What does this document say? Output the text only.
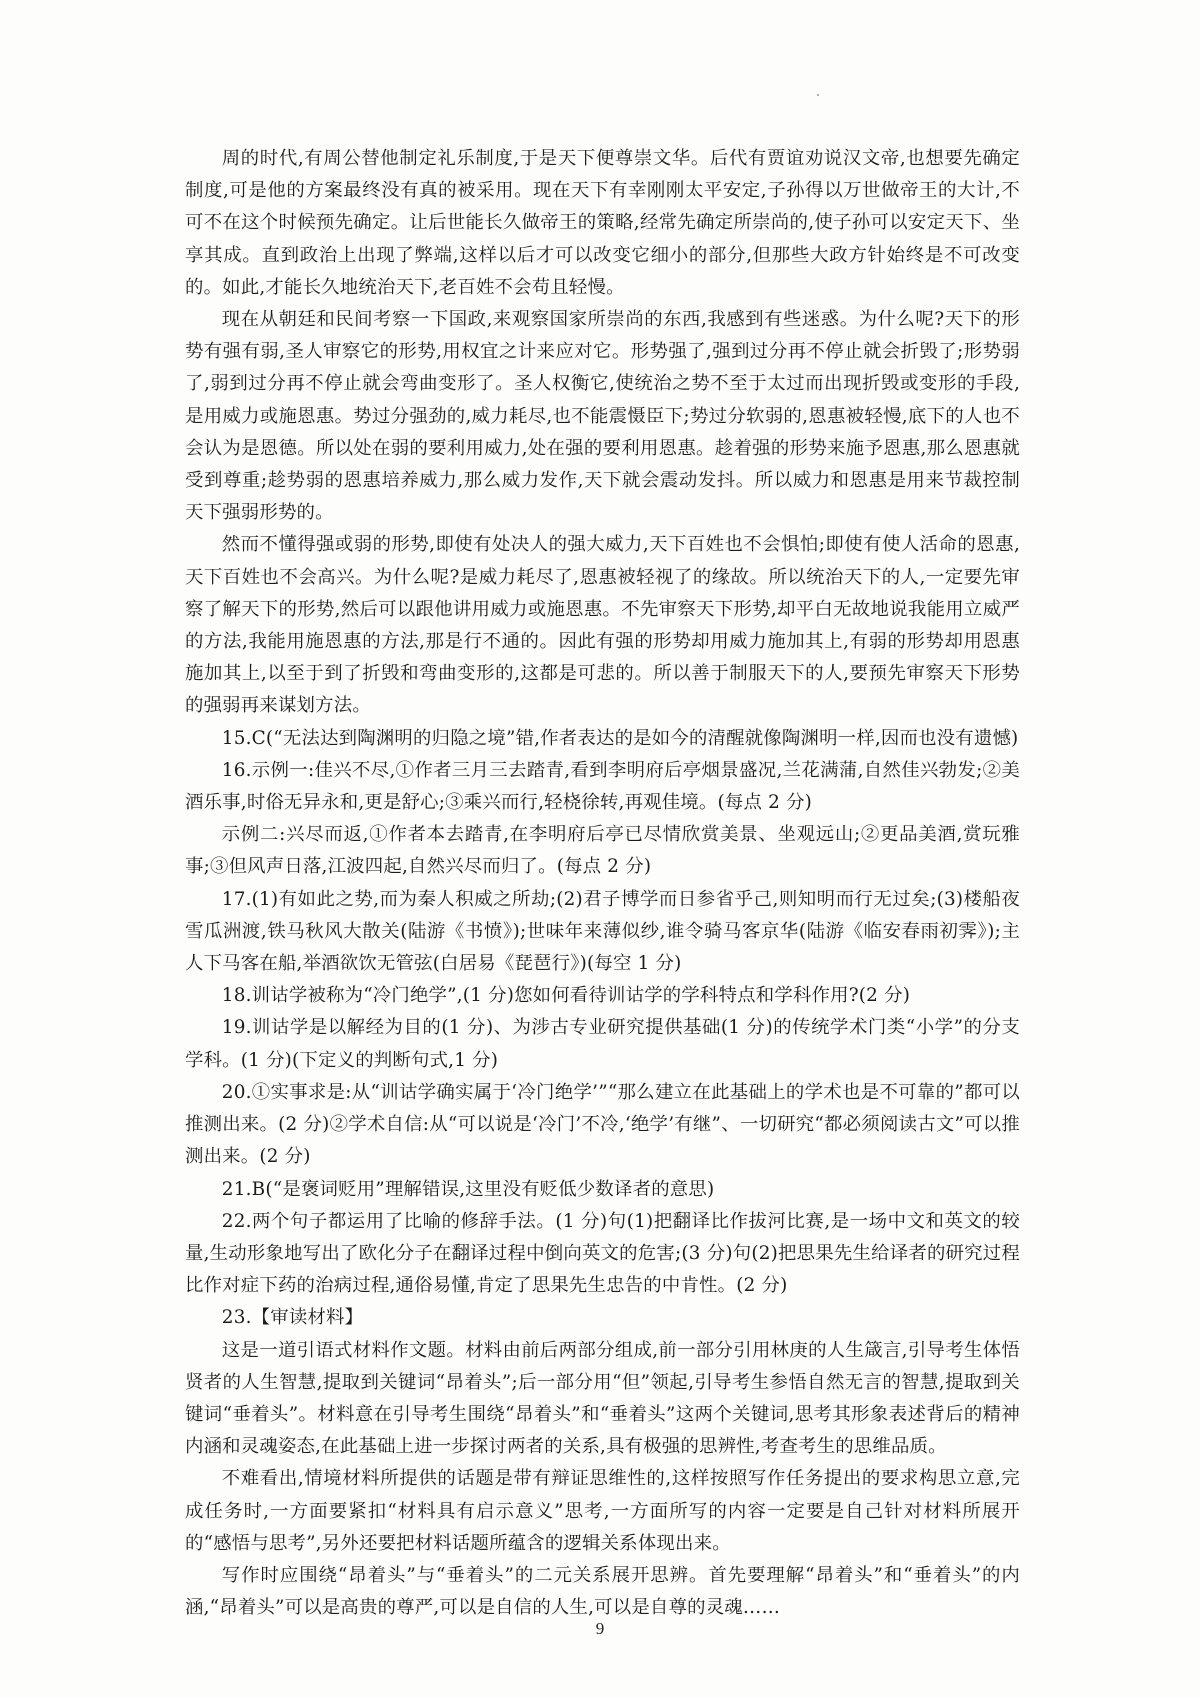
周的时代,有周公替他制定礼乐制度,于是天下便尊崇文华。后代有贾谊劝说汉文帝,也想要先确定制度,可是他的方案最终没有真的被采用。现在天下有幸刚刚太平安定,子孙得以万世做帝王的大计,不可不在这个时候预先确定。让后世能长久做帝王的策略,经常先确定所崇尚的,使子孙可以安定天下、坐享其成。直到政治上出现了弊端,这样以后才可以改变它细小的部分,但那些大政方针始终是不可改变的。如此,才能长久地统治天下,老百姓不会苟且轻慢。

现在从朝廷和民间考察一下国政,来观察国家所崇尚的东西,我感到有些迷惑。为什么呢?天下的形势有强有弱,圣人审察它的形势,用权宜之计来应对它。形势强了,强到过分再不停止就会折毁了;形势弱了,弱到过分再不停止就会弯曲变形了。圣人权衡它,使统治之势不至于太过而出现折毁或变形的手段,是用威力或施恩惠。势过分强劲的,威力耗尽,也不能震慑臣下;势过分软弱的,恩惠被轻慢,底下的人也不会认为是恩德。所以处在弱的要利用威力,处在强的要利用恩惠。趁着强的形势来施予恩惠,那么恩惠就受到尊重;趁势弱的恩惠培养威力,那么威力发作,天下就会震动发抖。所以威力和恩惠是用来节裁控制天下强弱形势的。

然而不懂得强或弱的形势,即使有处决人的强大威力,天下百姓也不会惧怕;即使有使人活命的恩惠,天下百姓也不会高兴。为什么呢?是威力耗尽了,恩惠被轻视了的缘故。所以统治天下的人,一定要先审察了解天下的形势,然后可以跟他讲用威力或施恩惠。不先审察天下形势,却平白无故地说我能用立威严的方法,我能用施恩惠的方法,那是行不通的。因此有强的形势却用威力施加其上,有弱的形势却用恩惠施加其上,以至于到了折毁和弯曲变形的,这都是可悲的。所以善于制服天下的人,要预先审察天下形势的强弱再来谋划方法。

15.C(“无法达到陶渊明的归隐之境”错,作者表达的是如今的清醒就像陶渊明一样,因而也没有遗憾)

16.示例一:佳兴不尽,①作者三月三去踏青,看到李明府后亭烟景盛况,兰花满蒲,自然佳兴勃发;②美酒乐事,时俗无异永和,更是舒心;③乘兴而行,轻桡徐转,再观佳境。(每点 2 分)

示例二:兴尽而返,①作者本去踏青,在李明府后亭已尽情欣赏美景、坐观远山;②更品美酒,赏玩雅事;③但风声日落,江波四起,自然兴尽而归了。(每点 2 分)

17.(1)有如此之势,而为秦人积威之所劫;(2)君子博学而日参省乎己,则知明而行无过矣;(3)楼船夜雪瓜洲渡,铁马秋风大散关(陆游《书愤》);世味年来薄似纱,谁令骑马客京华(陆游《临安春雨初霁》);主人下马客在船,举酒欲饮无管弦(白居易《琵琶行》)(每空 1 分)

18.训诂学被称为“冷门绝学”,(1 分)您如何看待训诂学的学科特点和学科作用?(2 分)

19.训诂学是以解经为目的(1 分)、为涉古专业研究提供基础(1 分)的传统学术门类“小学”的分支学科。(1 分)(下定义的判断句式,1 分)

20.①实事求是:从“训诂学确实属于‘冷门绝学’”“那么建立在此基础上的学术也是不可靠的”都可以推测出来。(2 分)②学术自信:从“可以说是‘冷门’不冷,‘绝学’有继”、一切研究“都必须阅读古文”可以推测出来。(2 分)

21.B(“是褒词贬用”理解错误,这里没有贬低少数译者的意思)

22.两个句子都运用了比喻的修辞手法。(1 分)句(1)把翻译比作拔河比赛,是一场中文和英文的较量,生动形象地写出了欧化分子在翻译过程中倒向英文的危害;(3 分)句(2)把思果先生给译者的研究过程比作对症下药的治病过程,通俗易懂,肯定了思果先生忠告的中肯性。(2 分)

23.【审读材料】

这是一道引语式材料作文题。材料由前后两部分组成,前一部分引用林庚的人生箴言,引导考生体悟贤者的人生智慧,提取到关键词“昂着头”;后一部分用“但”领起,引导考生参悟自然无言的智慧,提取到关键词“垂着头”。材料意在引导考生围绕“昂着头”和“垂着头”这两个关键词,思考其形象表述背后的精神内涵和灵魂姿态,在此基础上进一步探讨两者的关系,具有极强的思辨性,考查考生的思维品质。

不难看出,情境材料所提供的话题是带有辩证思维性的,这样按照写作任务提出的要求构思立意,完成任务时,一方面要紧扣“材料具有启示意义”思考,一方面所写的内容一定要是自己针对材料所展开的“感悟与思考”,另外还要把材料话题所蕴含的逻辑关系体现出来。

写作时应围绕“昂着头”与“垂着头”的二元关系展开思辨。首先要理解“昂着头”和“垂着头”的内涵,“昂着头”可以是高贵的尊严,可以是自信的人生,可以是自尊的灵魂……

9
